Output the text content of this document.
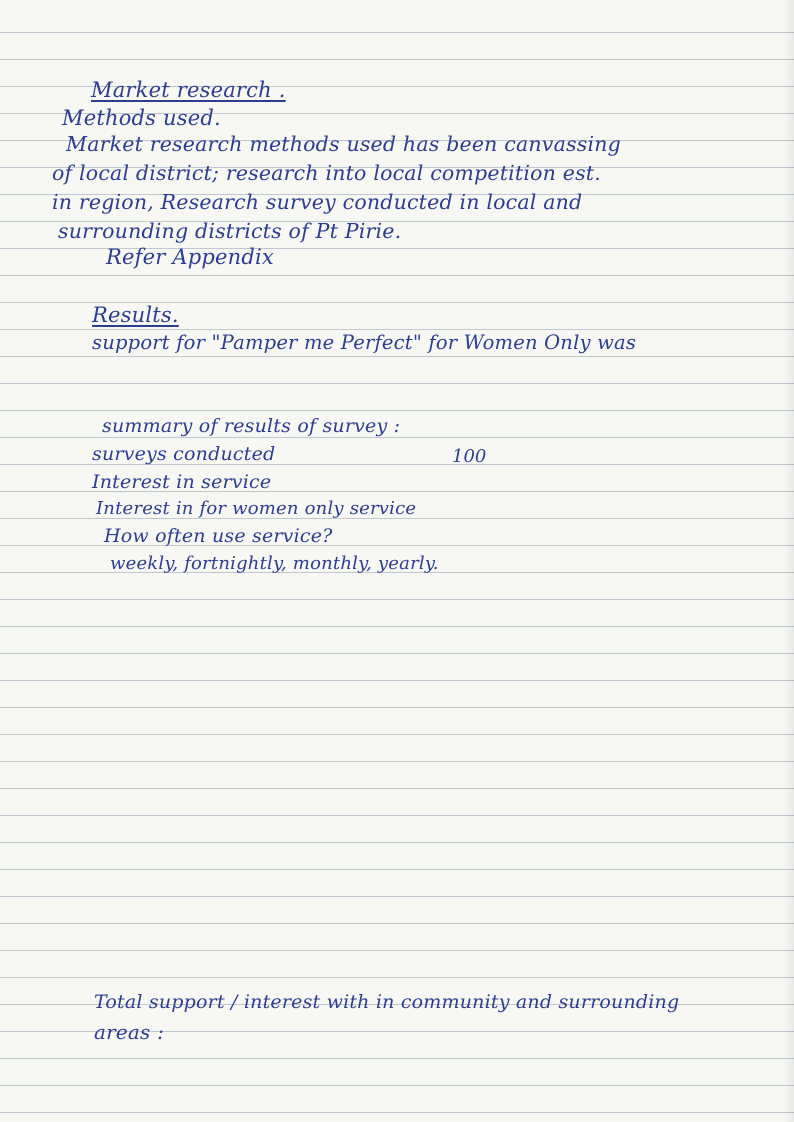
Market research .
Methods used.
Market research methods used has been canvassing
of local district; research into local competition est.
in region, Research survey conducted in local and
surrounding districts of Pt Pirie.
Refer Appendix
Results.
support for "Pamper me Perfect" for Women Only was
summary of results of survey :
surveys conducted	100
Interest in service
Interest in for women only service
How often use service?
weekly, fortnightly, monthly, yearly.
Total support / interest with in community and surrounding
areas :
